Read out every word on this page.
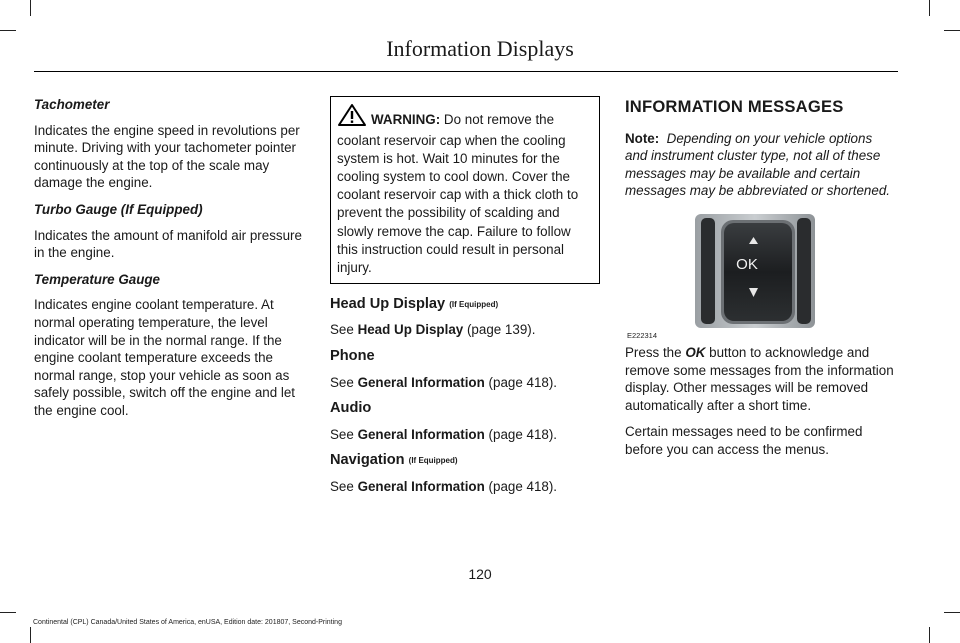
Information Displays
Tachometer

Indicates the engine speed in revolutions per minute. Driving with your tachometer pointer continuously at the top of the scale may damage the engine.

Turbo Gauge (If Equipped)

Indicates the amount of manifold air pressure in the engine.

Temperature Gauge

Indicates engine coolant temperature. At normal operating temperature, the level indicator will be in the normal range. If the engine coolant temperature exceeds the normal range, stop your vehicle as soon as safely possible, switch off the engine and let the engine cool.

WARNING: Do not remove the coolant reservoir cap when the cooling system is hot. Wait 10 minutes for the cooling system to cool down. Cover the coolant reservoir cap with a thick cloth to prevent the possibility of scalding and slowly remove the cap. Failure to follow this instruction could result in personal injury.
Head Up Display (If Equipped)

See Head Up Display (page 139).

Phone

See General Information (page 418).

Audio

See General Information (page 418).

Navigation (If Equipped)

See General Information (page 418).

INFORMATION MESSAGES

Note: Depending on your vehicle options and instrument cluster type, not all of these messages may be available and certain messages may be abbreviated or shortened.

OK
E222314

Press the OK button to acknowledge and remove some messages from the information display. Other messages will be removed automatically after a short time.

Certain messages need to be confirmed before you can access the menus.

120
Continental (CPL) Canada/United States of America, enUSA, Edition date: 201807, Second-Printing
